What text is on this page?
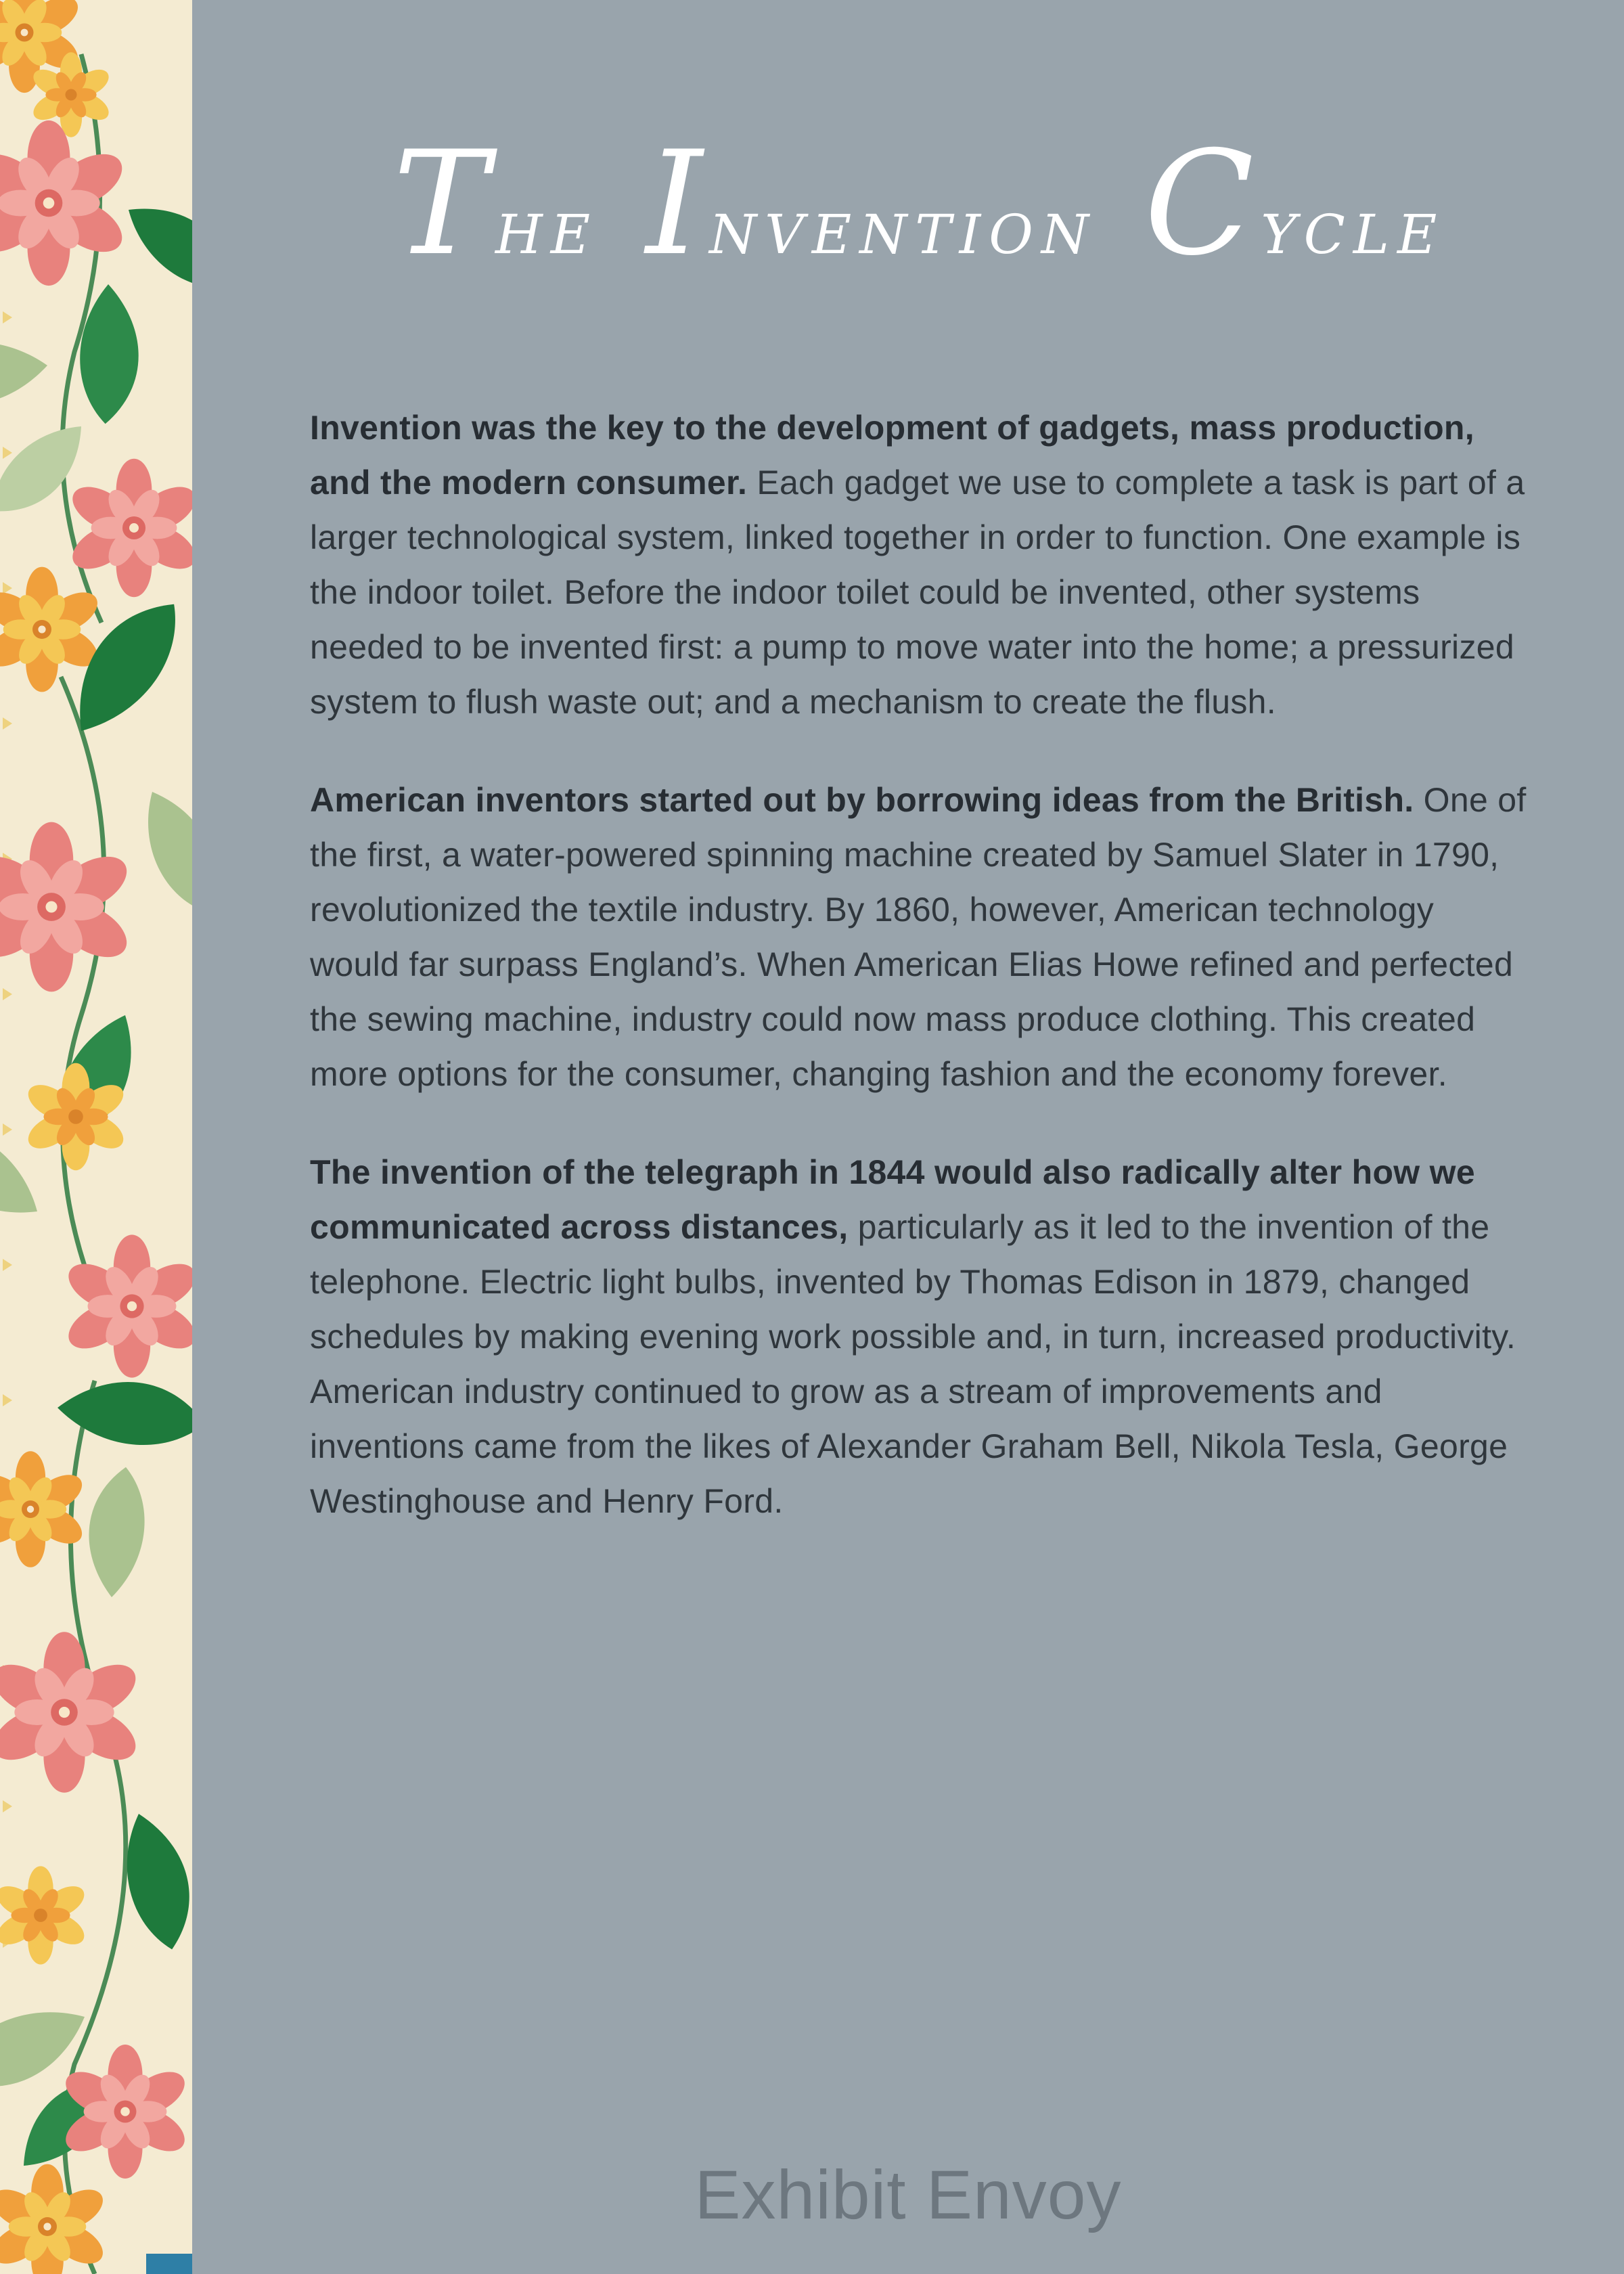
T HE I NVENTION C YCLE

Invention was the key to the development of gadgets, mass production, and the modern consumer. Each gadget we use to complete a task is part of a larger technological system, linked together in order to function. One example is the indoor toilet. Before the indoor toilet could be invented, other systems needed to be invented first: a pump to move water into the home; a pressurized system to flush waste out; and a mechanism to create the flush.

American inventors started out by borrowing ideas from the British. One of the first, a water-powered spinning machine created by Samuel Slater in 1790, revolutionized the textile industry. By 1860, however, American technology would far surpass England’s. When American Elias Howe refined and perfected the sewing machine, industry could now mass produce clothing. This created more options for the consumer, changing fashion and the economy forever.

The invention of the telegraph in 1844 would also radically alter how we communicated across distances, particularly as it led to the invention of the telephone. Electric light bulbs, invented by Thomas Edison in 1879, changed schedules by making evening work possible and, in turn, increased productivity. American industry continued to grow as a stream of improvements and inventions came from the likes of Alexander Graham Bell, Nikola Tesla, George Westinghouse and Henry Ford.

Exhibit Envoy
